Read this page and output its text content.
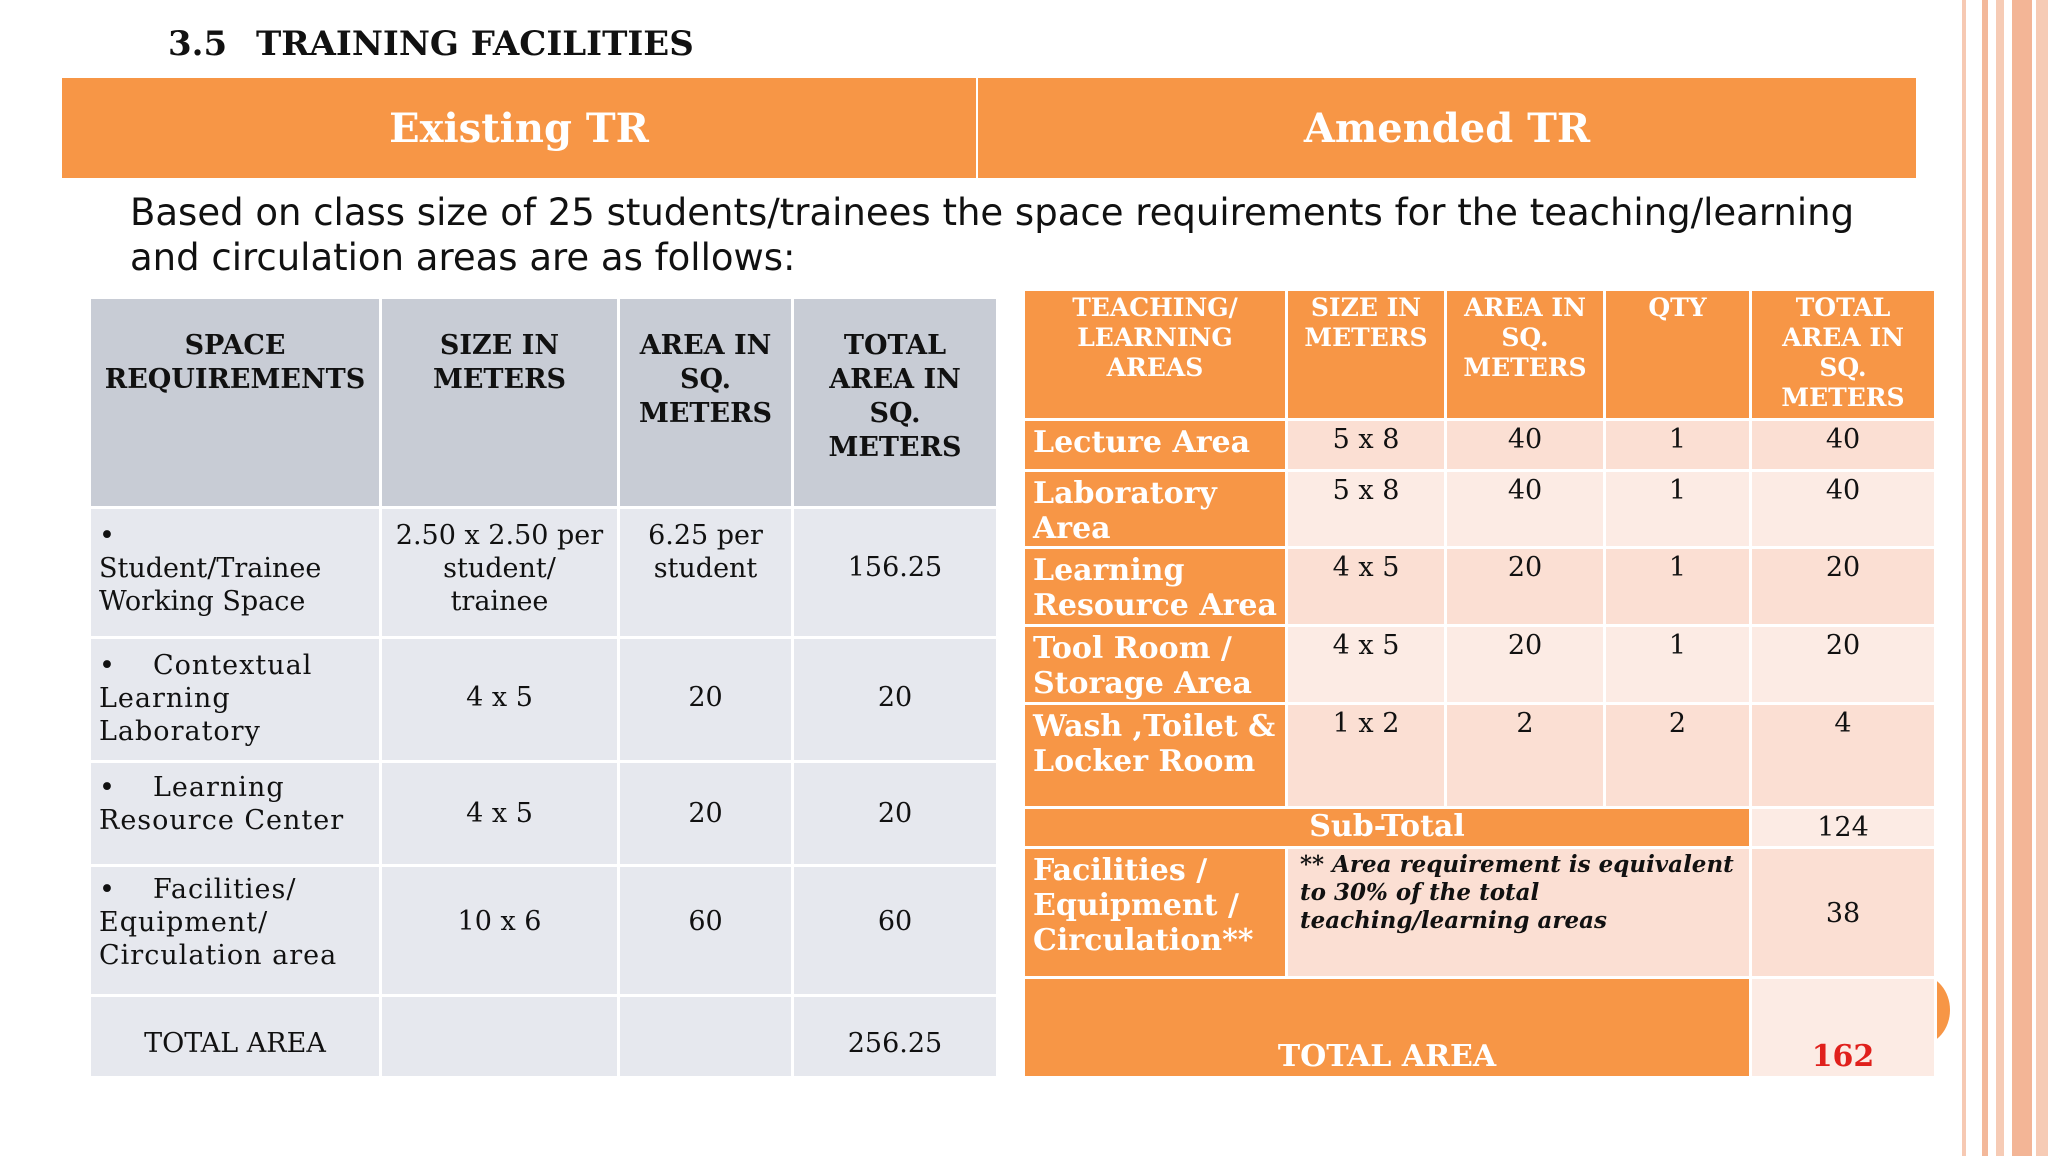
3.5 TRAINING FACILITIES
Existing TR	Amended TR
Based on class size of 25 students/trainees the space requirements for the teaching/learning and circulation areas are as follows:
SPACE REQUIREMENTS	SIZE IN METERS	AREA IN SQ. METERS	TOTAL AREA IN SQ. METERS
•Student/Trainee Working Space	2.50 x 2.50 per student/ trainee	6.25 per student	156.25
• Contextual Learning Laboratory	4 x 5	20	20
• Learning Resource Center	4 x 5	20	20
• Facilities/ Equipment/ Circulation area	10 x 6	60	60
TOTAL AREA			256.25
TEACHING/ LEARNING AREAS	SIZE IN METERS	AREA IN SQ. METERS	QTY	TOTAL AREA IN SQ. METERS
Lecture Area	5 x 8	40	1	40
Laboratory Area	5 x 8	40	1	40
Learning Resource Area	4 x 5	20	1	20
Tool Room / Storage Area	4 x 5	20	1	20
Wash ,Toilet & Locker Room	1 x 2	2	2	4
Sub-Total				124
Facilities / Equipment / Circulation**	** Area requirement is equivalent to 30% of the total teaching/learning areas			38
TOTAL AREA				162
